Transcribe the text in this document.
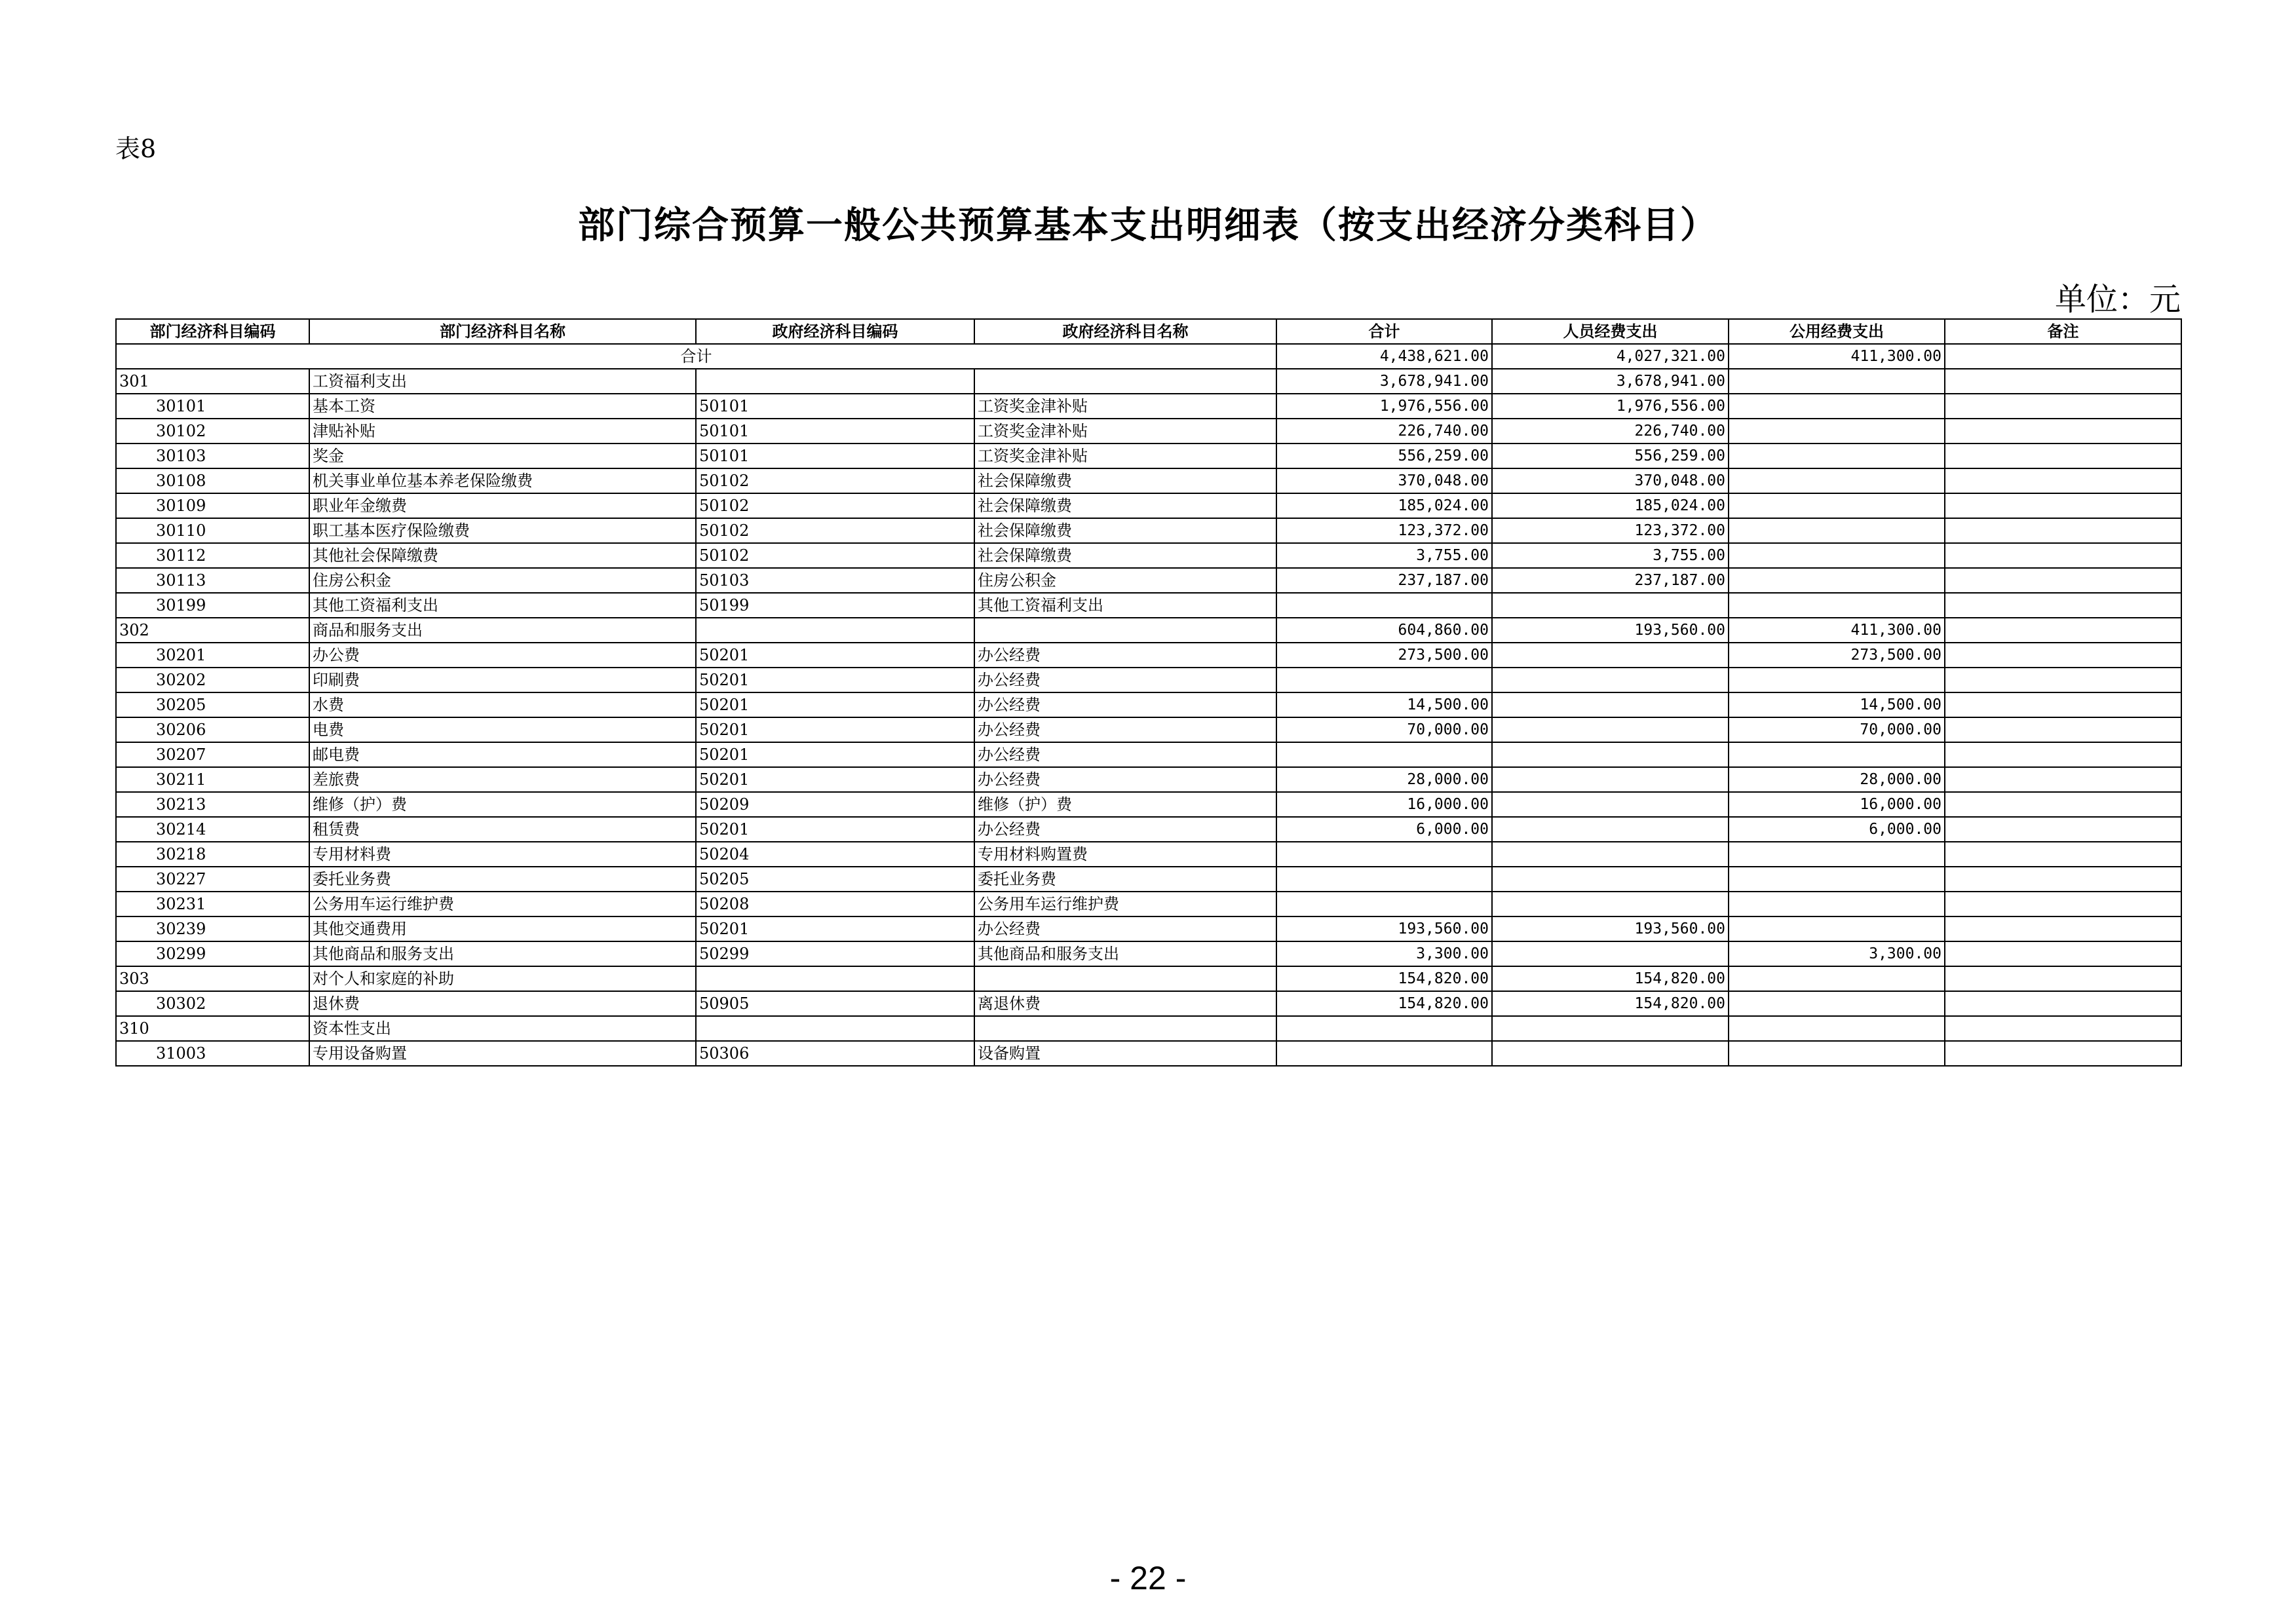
表8
部门综合预算一般公共预算基本支出明细表（按支出经济分类科目）
单位：元
部门经济科目编码	部门经济科目名称	政府经济科目编码	政府经济科目名称	合计	人员经费支出	公用经费支出	备注
合计				4,438,621.00	4,027,321.00	411,300.00	
301	工资福利支出			3,678,941.00	3,678,941.00		
30101	基本工资	50101	工资奖金津补贴	1,976,556.00	1,976,556.00		
30102	津贴补贴	50101	工资奖金津补贴	226,740.00	226,740.00		
30103	奖金	50101	工资奖金津补贴	556,259.00	556,259.00		
30108	机关事业单位基本养老保险缴费	50102	社会保障缴费	370,048.00	370,048.00		
30109	职业年金缴费	50102	社会保障缴费	185,024.00	185,024.00		
30110	职工基本医疗保险缴费	50102	社会保障缴费	123,372.00	123,372.00		
30112	其他社会保障缴费	50102	社会保障缴费	3,755.00	3,755.00		
30113	住房公积金	50103	住房公积金	237,187.00	237,187.00		
30199	其他工资福利支出	50199	其他工资福利支出				
302	商品和服务支出			604,860.00	193,560.00	411,300.00	
30201	办公费	50201	办公经费	273,500.00		273,500.00	
30202	印刷费	50201	办公经费				
30205	水费	50201	办公经费	14,500.00		14,500.00	
30206	电费	50201	办公经费	70,000.00		70,000.00	
30207	邮电费	50201	办公经费				
30211	差旅费	50201	办公经费	28,000.00		28,000.00	
30213	维修（护）费	50209	维修（护）费	16,000.00		16,000.00	
30214	租赁费	50201	办公经费	6,000.00		6,000.00	
30218	专用材料费	50204	专用材料购置费				
30227	委托业务费	50205	委托业务费				
30231	公务用车运行维护费	50208	公务用车运行维护费				
30239	其他交通费用	50201	办公经费	193,560.00	193,560.00		
30299	其他商品和服务支出	50299	其他商品和服务支出	3,300.00		3,300.00	
303	对个人和家庭的补助			154,820.00	154,820.00		
30302	退休费	50905	离退休费	154,820.00	154,820.00		
310	资本性支出						
31003	专用设备购置	50306	设备购置				
- 22 -
